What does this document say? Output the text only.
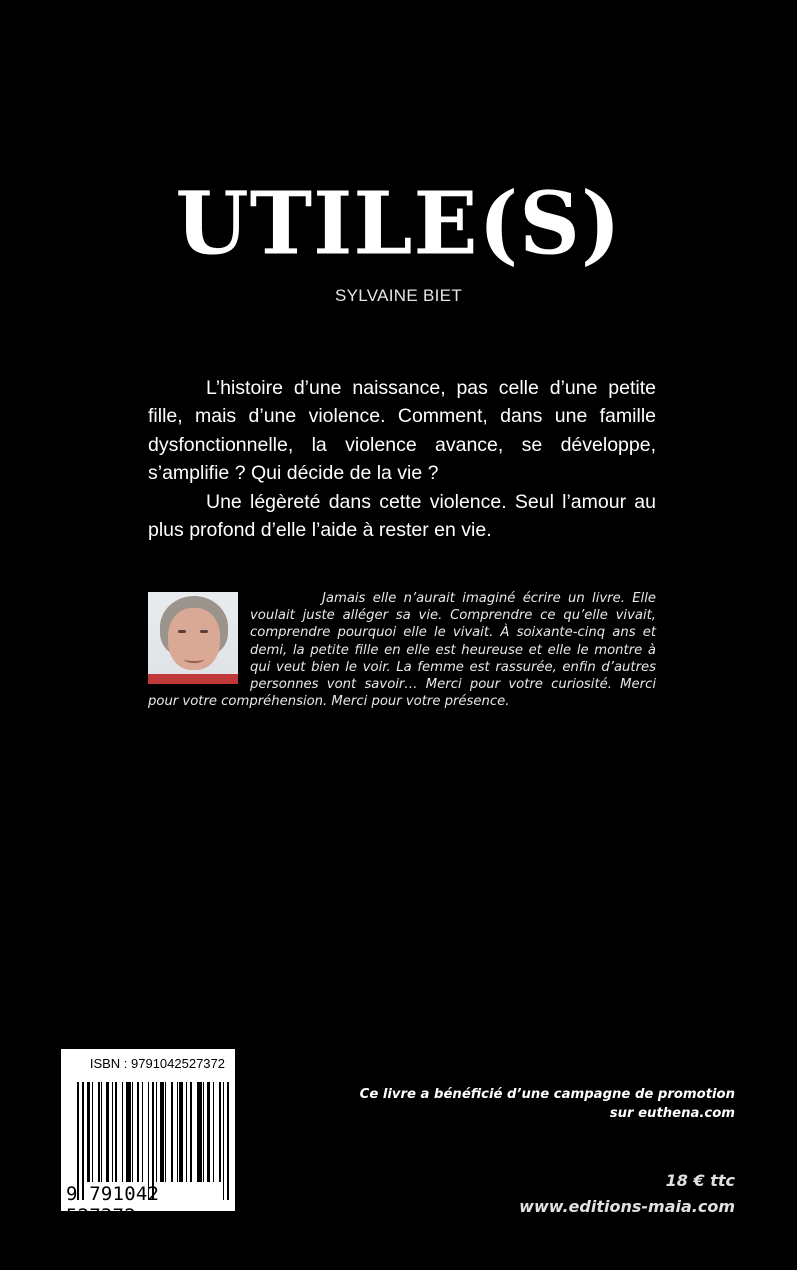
UTILE(S)
SYLVAINE BIET

L’histoire d’une naissance, pas celle d’une petite fille, mais d’une violence. Comment, dans une famille dysfonctionnelle, la violence avance, se développe, s’amplifie ? Qui décide de la vie ?

Une légèreté dans cette violence. Seul l’amour au plus profond d’elle l’aide à rester en vie.

Jamais elle n’aurait imaginé écrire un livre. Elle voulait juste alléger sa vie. Comprendre ce qu’elle vivait, comprendre pourquoi elle le vivait. À soixante-cinq ans et demi, la petite fille en elle est heureuse et elle le montre à qui veut bien le voir. La femme est rassurée, enfin d’autres personnes vont savoir… Merci pour votre curiosité. Merci pour votre compréhension. Merci pour votre présence.

ISBN : 9791042527372
9 791042 527372
Ce livre a bénéficié d’une campagne de promotion
sur euthena.com
18 € ttc
www.editions-maia.com
